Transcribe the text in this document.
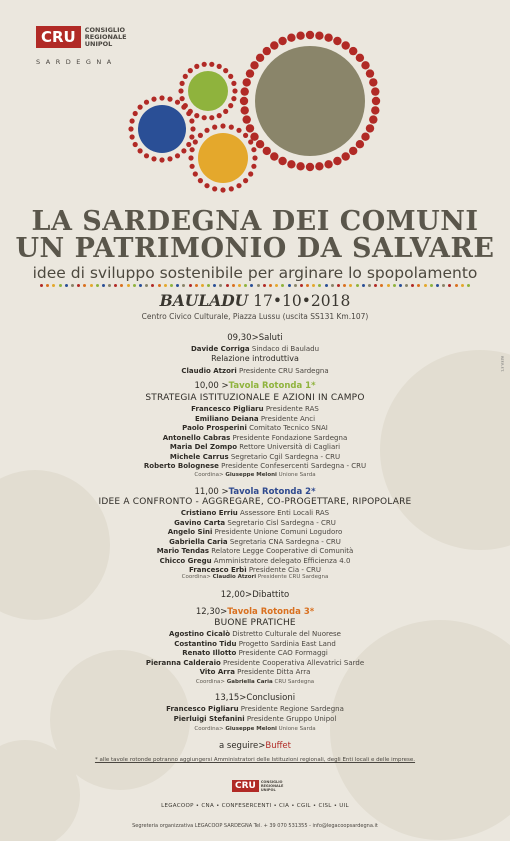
CRU	CONSIGLIO
REGIONALE
UNIPOL
SARDEGNA
REF.R.F.T.
LA SARDEGNA DEI COMUNI
UN PATRIMONIO DA SALVARE
idee di sviluppo sostenibile per arginare lo spopolamento
BAULADU 17•10•2018
Centro Civico Culturale, Piazza Lussu (uscita SS131 Km.107)
09,30>Saluti
Davide Corriga Sindaco di Bauladu
Relazione introduttiva
Claudio Atzori Presidente CRU Sardegna
10,00 >Tavola Rotonda 1*
STRATEGIA ISTITUZIONALE E AZIONI IN CAMPO
Francesco Pigliaru Presidente RAS
Emiliano Deiana Presidente Anci
Paolo Prosperini Comitato Tecnico SNAI
Antonello Cabras Presidente Fondazione Sardegna
Maria Del Zompo Rettore Università di Cagliari
Michele Carrus Segretario Cgil Sardegna - CRU
Roberto Bolognese Presidente Confesercenti Sardegna - CRU
Coordina> Giuseppe Meloni Unione Sarda
11,00 >Tavola Rotonda 2*
IDEE A CONFRONTO - AGGREGARE, CO-PROGETTARE, RIPOPOLARE
Cristiano Erriu Assessore Enti Locali RAS
Gavino Carta Segretario Cisl Sardegna - CRU
Angelo Sini Presidente Unione Comuni Logudoro
Gabriella Caria Segretaria CNA Sardegna - CRU
Mario Tendas Relatore Legge Cooperative di Comunità
Chicco Gregu Amministratore delegato Efficienza 4.0
Francesco Erbì Presidente Cia - CRU
Coordina> Claudio Atzori Presidente CRU Sardegna
12,00>Dibattito
12,30>Tavola Rotonda 3*
BUONE PRATICHE
Agostino Cicalò Distretto Culturale del Nuorese
Costantino Tidu Progetto Sardinia East Land
Renato Illotto Presidente CAO Formaggi
Pieranna Calderaio Presidente Cooperativa Allevatrici Sarde
Vito Arra Presidente Ditta Arra
Coordina> Gabriella Caria CRU Sardegna
13,15>Conclusioni
Francesco Pigliaru Presidente Regione Sardegna
Pierluigi Stefanini Presidente Gruppo Unipol
Coordina> Giuseppe Meloni Unione Sarda
a seguire>Buffet
* alle tavole rotonde potranno aggiungersi Amministratori delle Istituzioni regionali, degli Enti locali e delle imprese.
CRU	CONSIGLIO REGIONALE UNIPOL
LEGACOOP • CNA • CONFESERCENTI • CIA • CGIL • CISL • UIL
Segreteria organizzativa LEGACOOP SARDEGNA Tel. + 39 070 531355 - info@legacoopsardegna.it
